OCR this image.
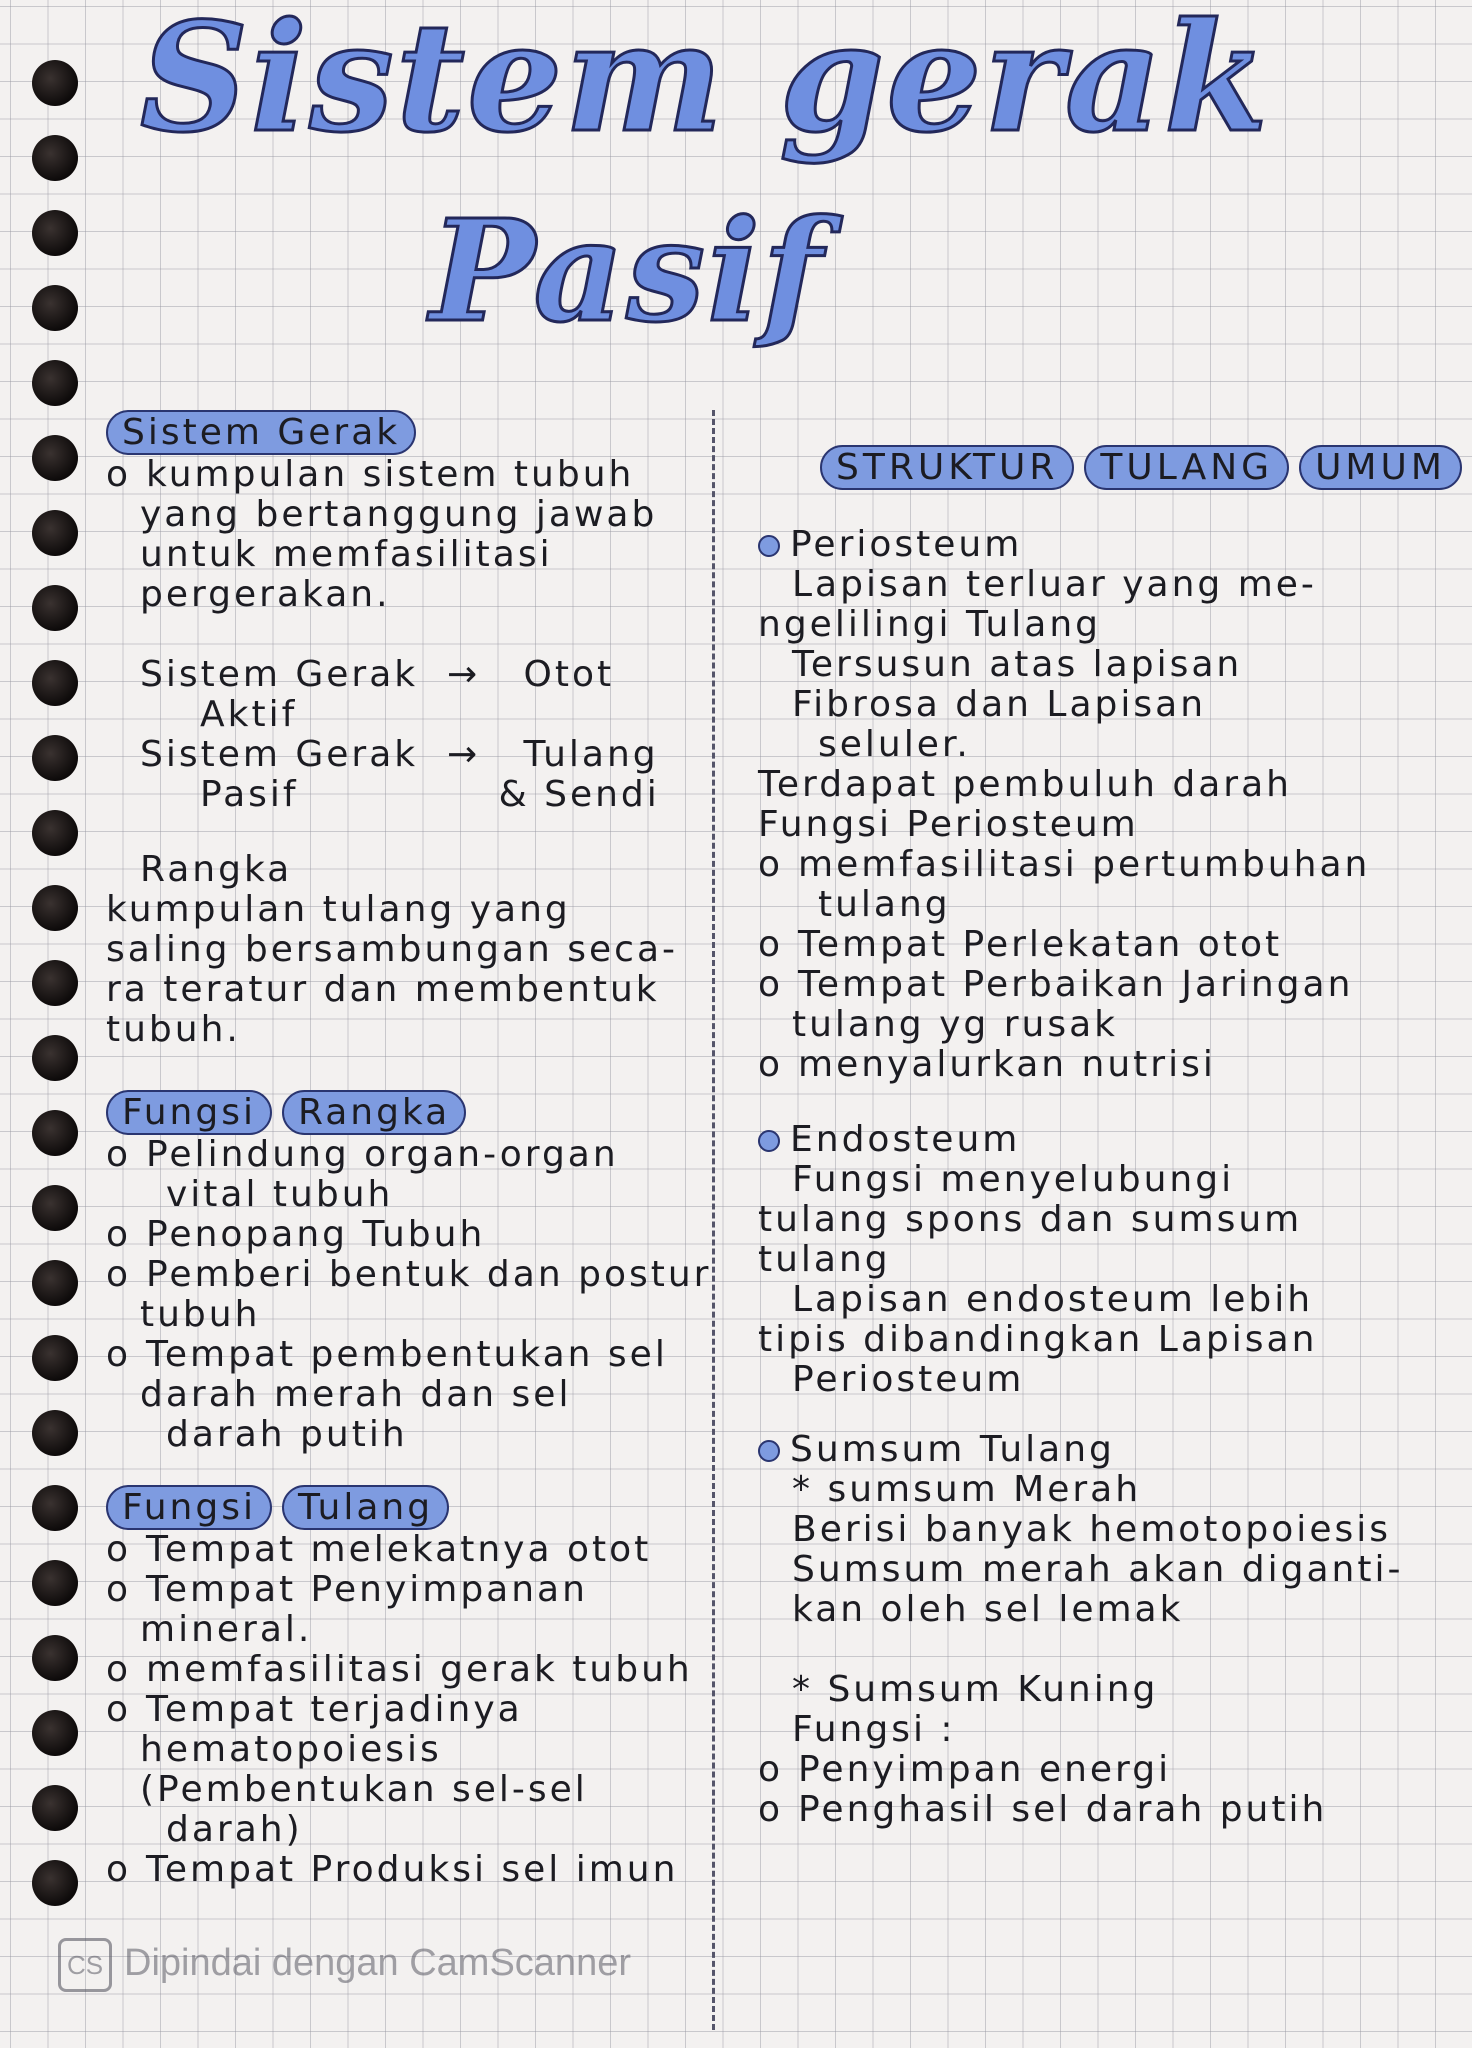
Sistem gerak
Pasif
Sistem Gerak
o kumpulan sistem tubuh
yang bertanggung jawab
untuk memfasilitasi
pergerakan.
Sistem Gerak → Otot
Aktif
Sistem Gerak → Tulang
Pasif	& Sendi
Rangka
kumpulan tulang yang
saling bersambungan seca-
ra teratur dan membentuk
tubuh.
Fungsi Rangka
o Pelindung organ-organ
vital tubuh
o Penopang Tubuh
o Pemberi bentuk dan postur
tubuh
o Tempat pembentukan sel
darah merah dan sel
darah putih
Fungsi Tulang
o Tempat melekatnya otot
o Tempat Penyimpanan
mineral.
o memfasilitasi gerak tubuh
o Tempat terjadinya
hematopoiesis
(Pembentukan sel-sel
darah)
o Tempat Produksi sel imun
STRUKTUR TULANG UMUM
Periosteum
Lapisan terluar yang me-
ngelilingi Tulang
Tersusun atas lapisan
Fibrosa dan Lapisan
seluler.
Terdapat pembuluh darah
Fungsi Periosteum
o memfasilitasi pertumbuhan
tulang
o Tempat Perlekatan otot
o Tempat Perbaikan Jaringan
tulang yg rusak
o menyalurkan nutrisi
Endosteum
Fungsi menyelubungi
tulang spons dan sumsum
tulang
Lapisan endosteum lebih
tipis dibandingkan Lapisan
Periosteum
Sumsum Tulang
* sumsum Merah
Berisi banyak hemotopoiesis
Sumsum merah akan diganti-
kan oleh sel lemak

* Sumsum Kuning
Fungsi :
o Penyimpan energi
o Penghasil sel darah putih
CS Dipindai dengan CamScanner
